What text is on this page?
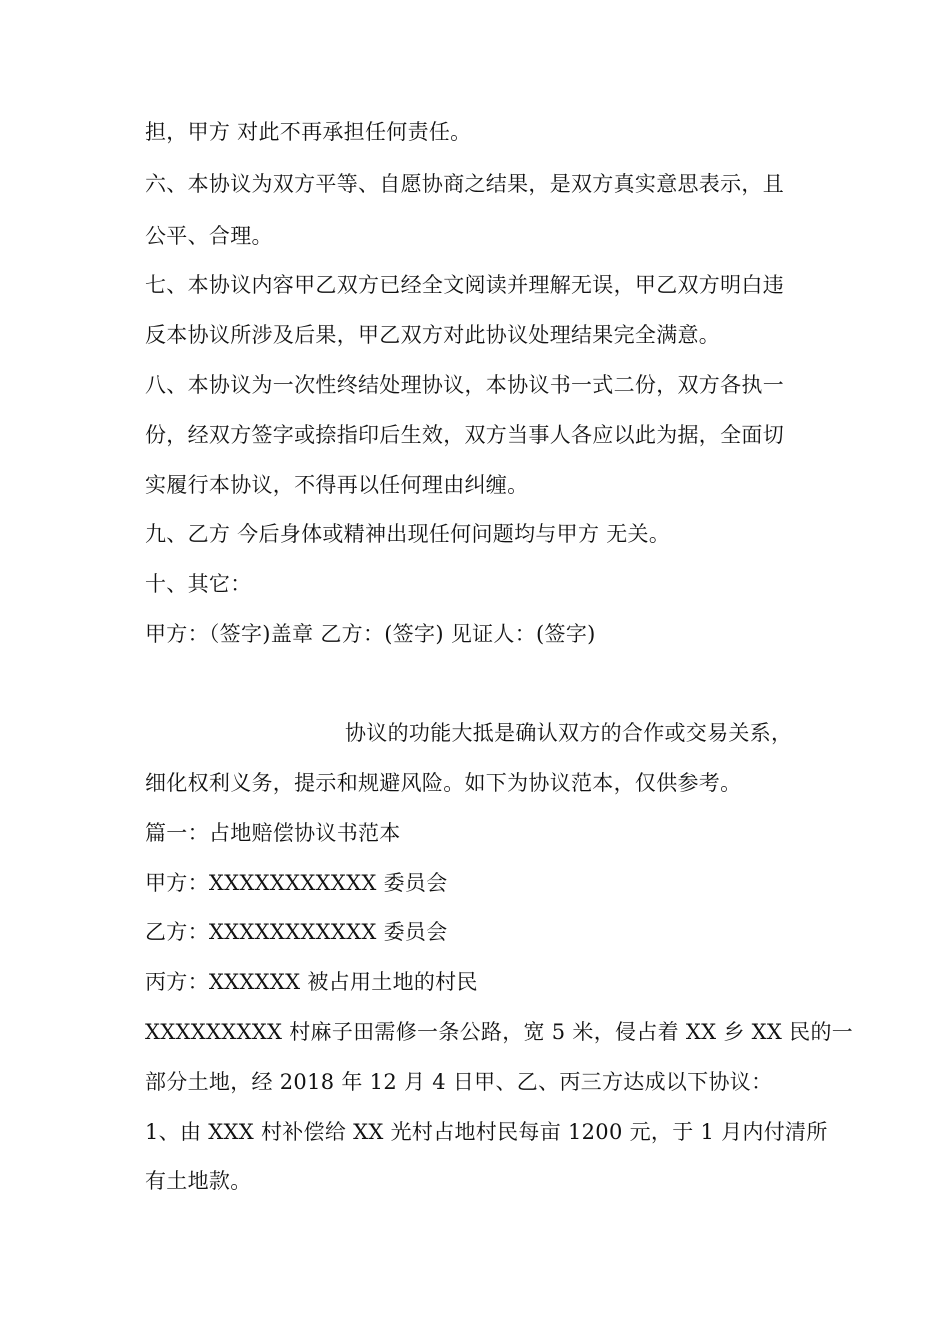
担，甲方 对此不再承担任何责任。
六、本协议为双方平等、自愿协商之结果，是双方真实意思表示，且
公平、合理。
七、本协议内容甲乙双方已经全文阅读并理解无误，甲乙双方明白违
反本协议所涉及后果，甲乙双方对此协议处理结果完全满意。
八、本协议为一次性终结处理协议，本协议书一式二份，双方各执一
份，经双方签字或捺指印后生效，双方当事人各应以此为据，全面切
实履行本协议，不得再以任何理由纠缠。
九、乙方 今后身体或精神出现任何问题均与甲方 无关。
十、其它：
甲方：（签字)盖章 乙方：(签字) 见证人：(签字)
协议的功能大抵是确认双方的合作或交易关系，
细化权利义务，提示和规避风险。如下为协议范本，仅供参考。
篇一：占地赔偿协议书范本
甲方：XXXXXXXXXXX 委员会
乙方：XXXXXXXXXXX 委员会
丙方：XXXXXX 被占用土地的村民
XXXXXXXXX 村麻子田需修一条公路，宽 5 米，侵占着 XX 乡 XX 民的一
部分土地，经 2018 年 12 月 4 日甲、乙、丙三方达成以下协议：
1、由 XXX 村补偿给 XX 光村占地村民每亩 1200 元，于 1 月内付清所
有土地款。
